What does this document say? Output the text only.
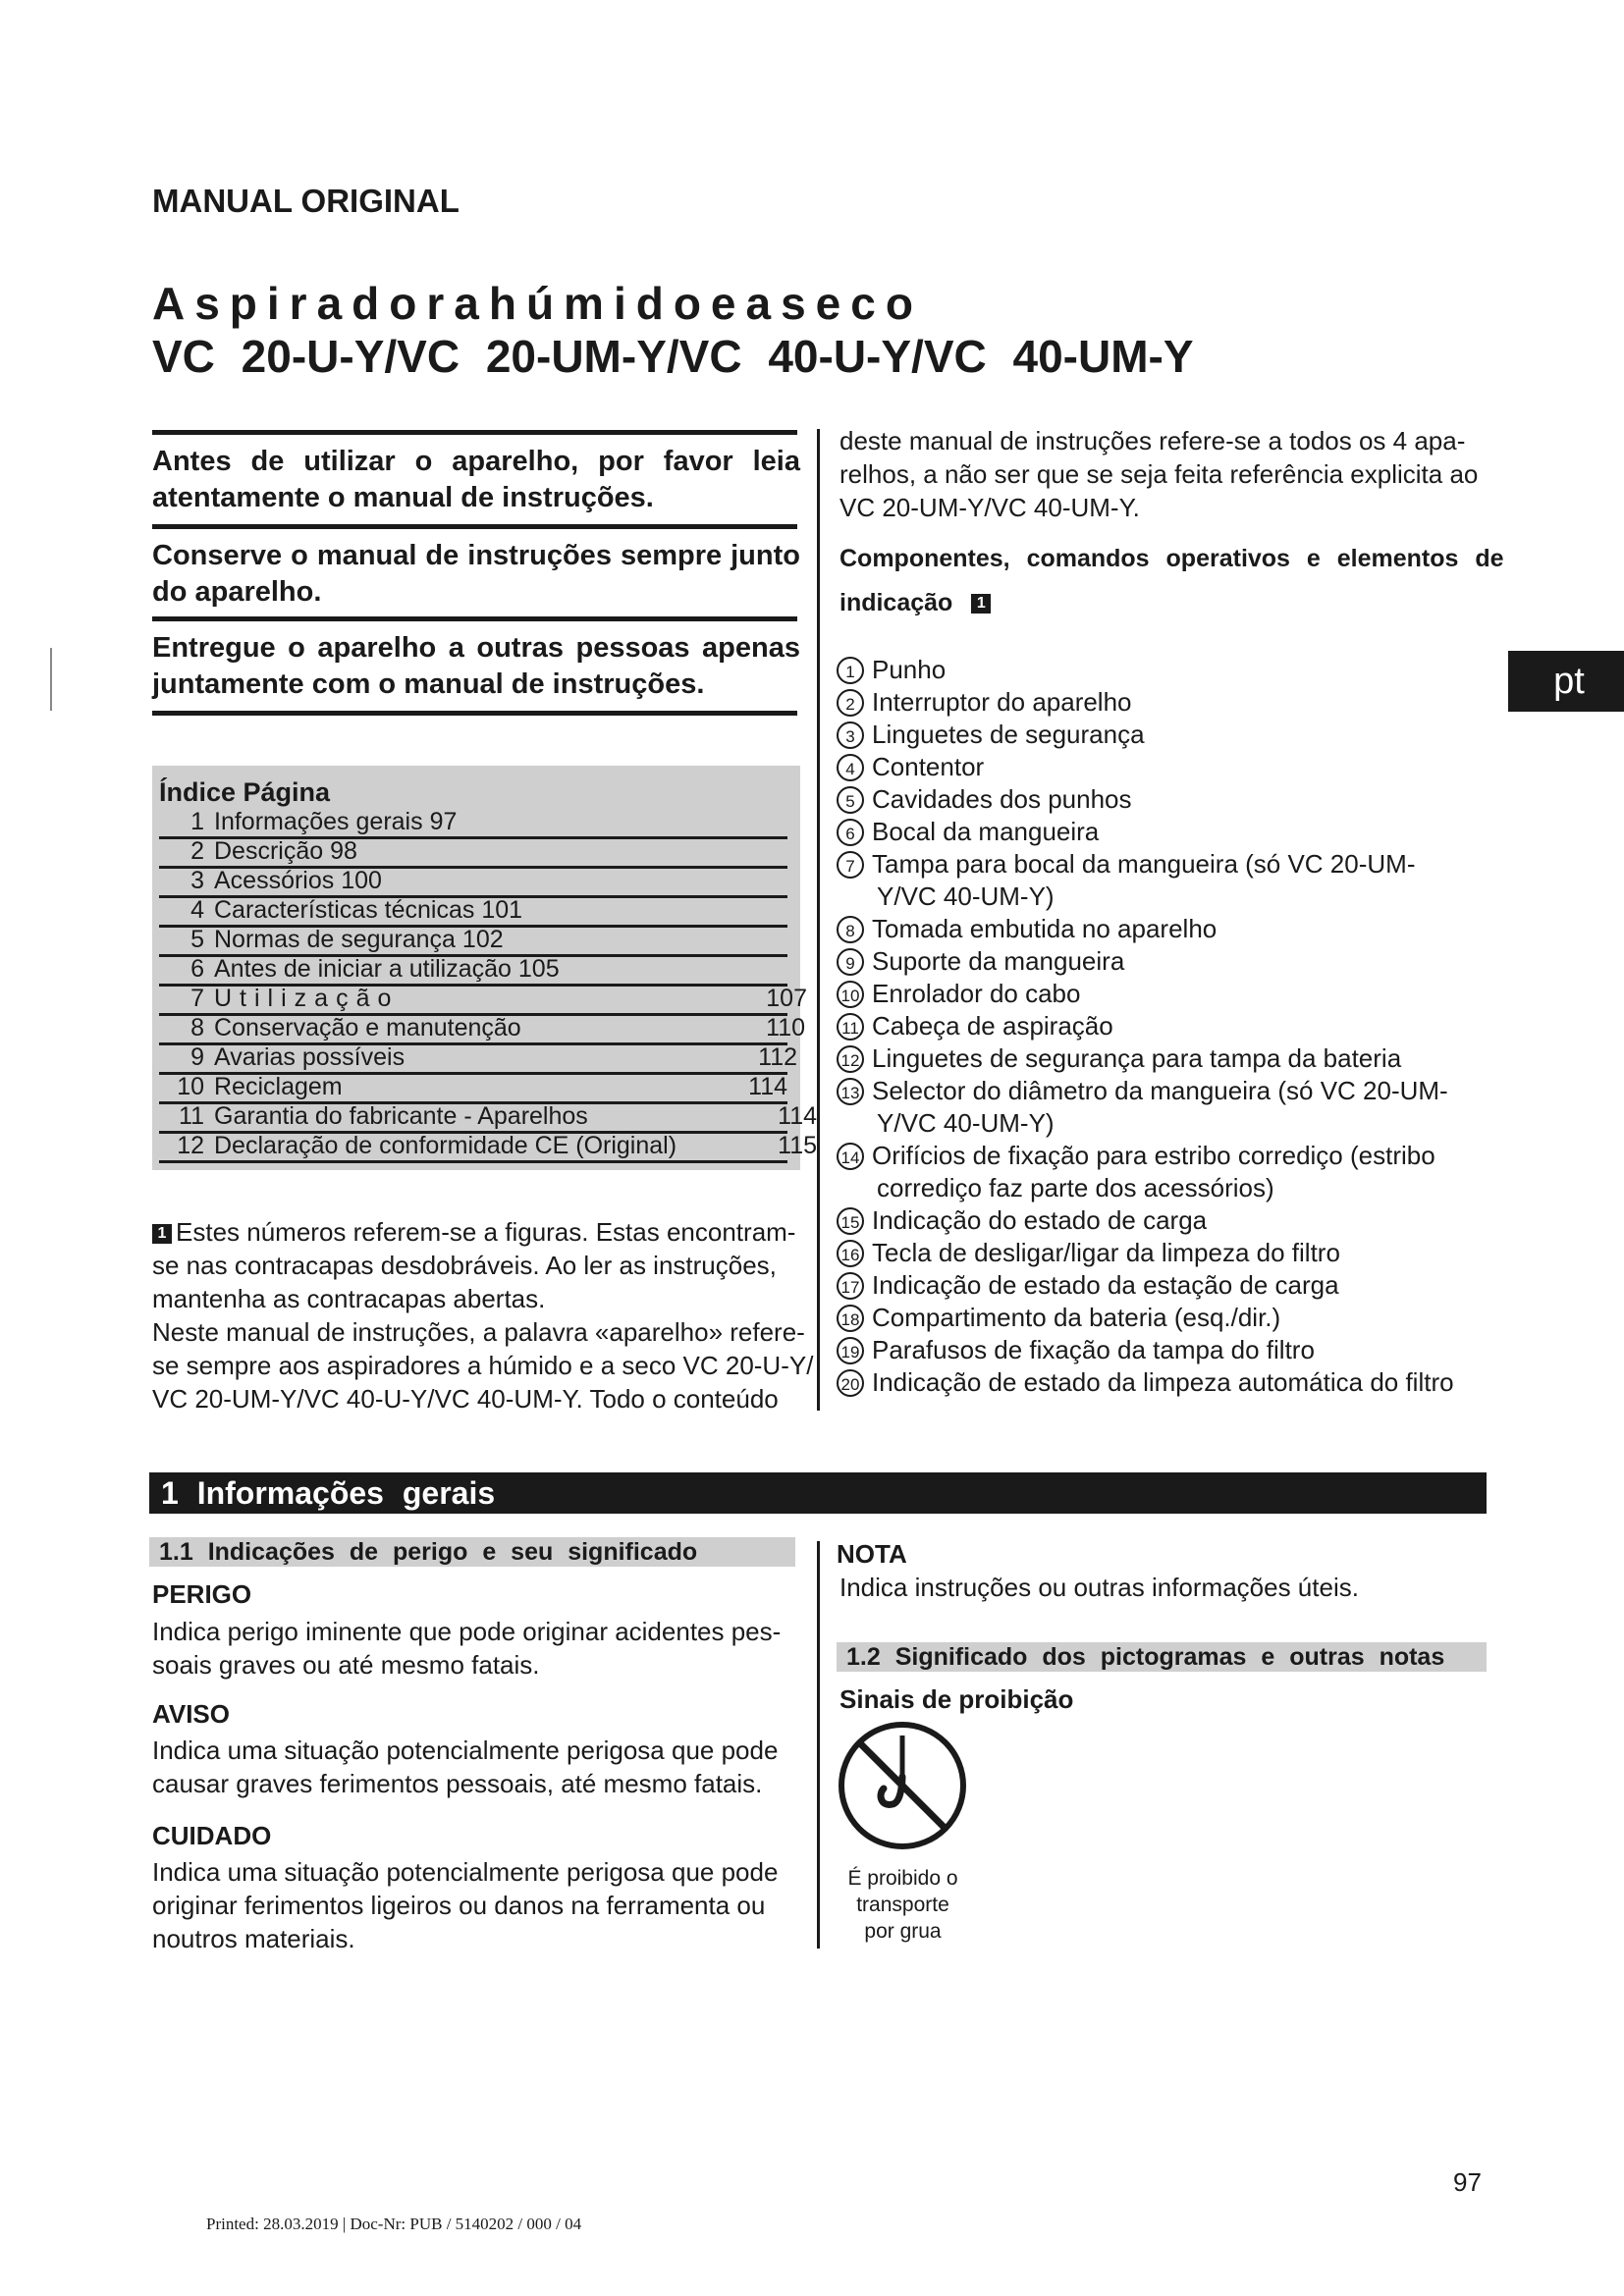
MANUAL ORIGINAL
Aspiradorahúmidoeaseco
VC 20-U-Y/VC 20-UM-Y/VC 40-U-Y/VC 40-UM-Y
Antes de utilizar o aparelho, por favor leia atentamente o manual de instruções.
Conserve o manual de instruções sempre junto do aparelho.
Entregue o aparelho a outras pessoas apenas juntamente com o manual de instruções.	pt
Índice Página
1 Informações gerais 97
2 Descrição 98
3 Acessórios 100
4 Características técnicas 101
5 Normas de segurança 102
6 Antes de iniciar a utilização 105
7 Utilização	107
8 Conservação e manutenção	110
9 Avarias possíveis	112
10 Reciclagem	114
11 Garantia do fabricante - Aparelhos	114
12 Declaração de conformidade CE (Original)	115
1 Estes números referem-se a figuras. Estas encontram-
se nas contracapas desdobráveis. Ao ler as instruções,
mantenha as contracapas abertas.
Neste manual de instruções, a palavra «aparelho» refere-
se sempre aos aspiradores a húmido e a seco VC 20-U-Y/
VC 20-UM-Y/VC 40-U-Y/VC 40-UM-Y. Todo o conteúdo
deste manual de instruções refere-se a todos os 4 apa-
relhos, a não ser que se seja feita referência explicita ao
VC 20-UM-Y/VC 40-UM-Y.
Componentes, comandos operativos e elementos de
indicação 1
1 Punho
2 Interruptor do aparelho
3 Linguetes de segurança
4 Contentor
5 Cavidades dos punhos
6 Bocal da mangueira
7 Tampa para bocal da mangueira (só VC 20-UM-
Y/VC 40-UM-Y)
8 Tomada embutida no aparelho
9 Suporte da mangueira
10 Enrolador do cabo
11 Cabeça de aspiração
12 Linguetes de segurança para tampa da bateria
13 Selector do diâmetro da mangueira (só VC 20-UM-
Y/VC 40-UM-Y)
14 Orifícios de fixação para estribo corrediço (estribo
corrediço faz parte dos acessórios)
15 Indicação do estado de carga
16 Tecla de desligar/ligar da limpeza do filtro
17 Indicação de estado da estação de carga
18 Compartimento da bateria (esq./dir.)
19 Parafusos de fixação da tampa do filtro
20 Indicação de estado da limpeza automática do filtro
1 Informações gerais
1.1 Indicações de perigo e seu significado
PERIGO
Indica perigo iminente que pode originar acidentes pes-
soais graves ou até mesmo fatais.
AVISO
Indica uma situação potencialmente perigosa que pode
causar graves ferimentos pessoais, até mesmo fatais.
CUIDADO
Indica uma situação potencialmente perigosa que pode
originar ferimentos ligeiros ou danos na ferramenta ou
noutros materiais.
NOTA
Indica instruções ou outras informações úteis.
1.2 Significado dos pictogramas e outras notas
Sinais de proibição
É proibido o
transporte
por grua
97
Printed: 28.03.2019 | Doc-Nr: PUB / 5140202 / 000 / 04
